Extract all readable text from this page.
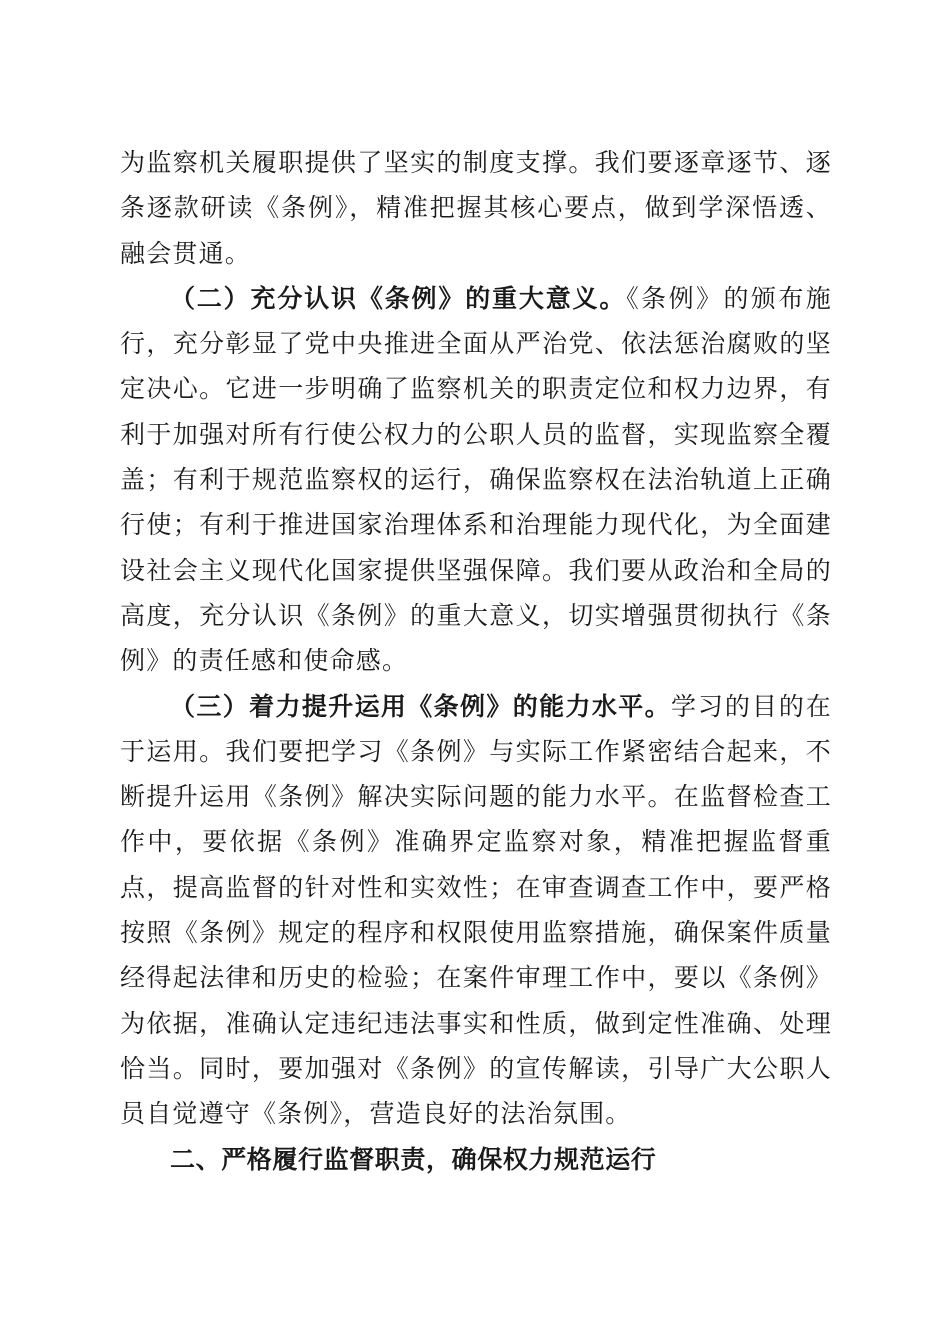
为监察机关履职提供了坚实的制度支撑。我们要逐章逐节、逐条逐款研读《条例》，精准把握其核心要点，做到学深悟透、融会贯通。

（二）充分认识《条例》的重大意义。《条例》的颁布施行，充分彰显了党中央推进全面从严治党、依法惩治腐败的坚定决心。它进一步明确了监察机关的职责定位和权力边界，有利于加强对所有行使公权力的公职人员的监督，实现监察全覆盖；有利于规范监察权的运行，确保监察权在法治轨道上正确行使；有利于推进国家治理体系和治理能力现代化，为全面建设社会主义现代化国家提供坚强保障。我们要从政治和全局的高度，充分认识《条例》的重大意义，切实增强贯彻执行《条例》的责任感和使命感。

（三）着力提升运用《条例》的能力水平。学习的目的在于运用。我们要把学习《条例》与实际工作紧密结合起来，不断提升运用《条例》解决实际问题的能力水平。在监督检查工作中，要依据《条例》准确界定监察对象，精准把握监督重点，提高监督的针对性和实效性；在审查调查工作中，要严格按照《条例》规定的程序和权限使用监察措施，确保案件质量经得起法律和历史的检验；在案件审理工作中，要以《条例》为依据，准确认定违纪违法事实和性质，做到定性准确、处理恰当。同时，要加强对《条例》的宣传解读，引导广大公职人员自觉遵守《条例》，营造良好的法治氛围。

二、严格履行监督职责，确保权力规范运行
